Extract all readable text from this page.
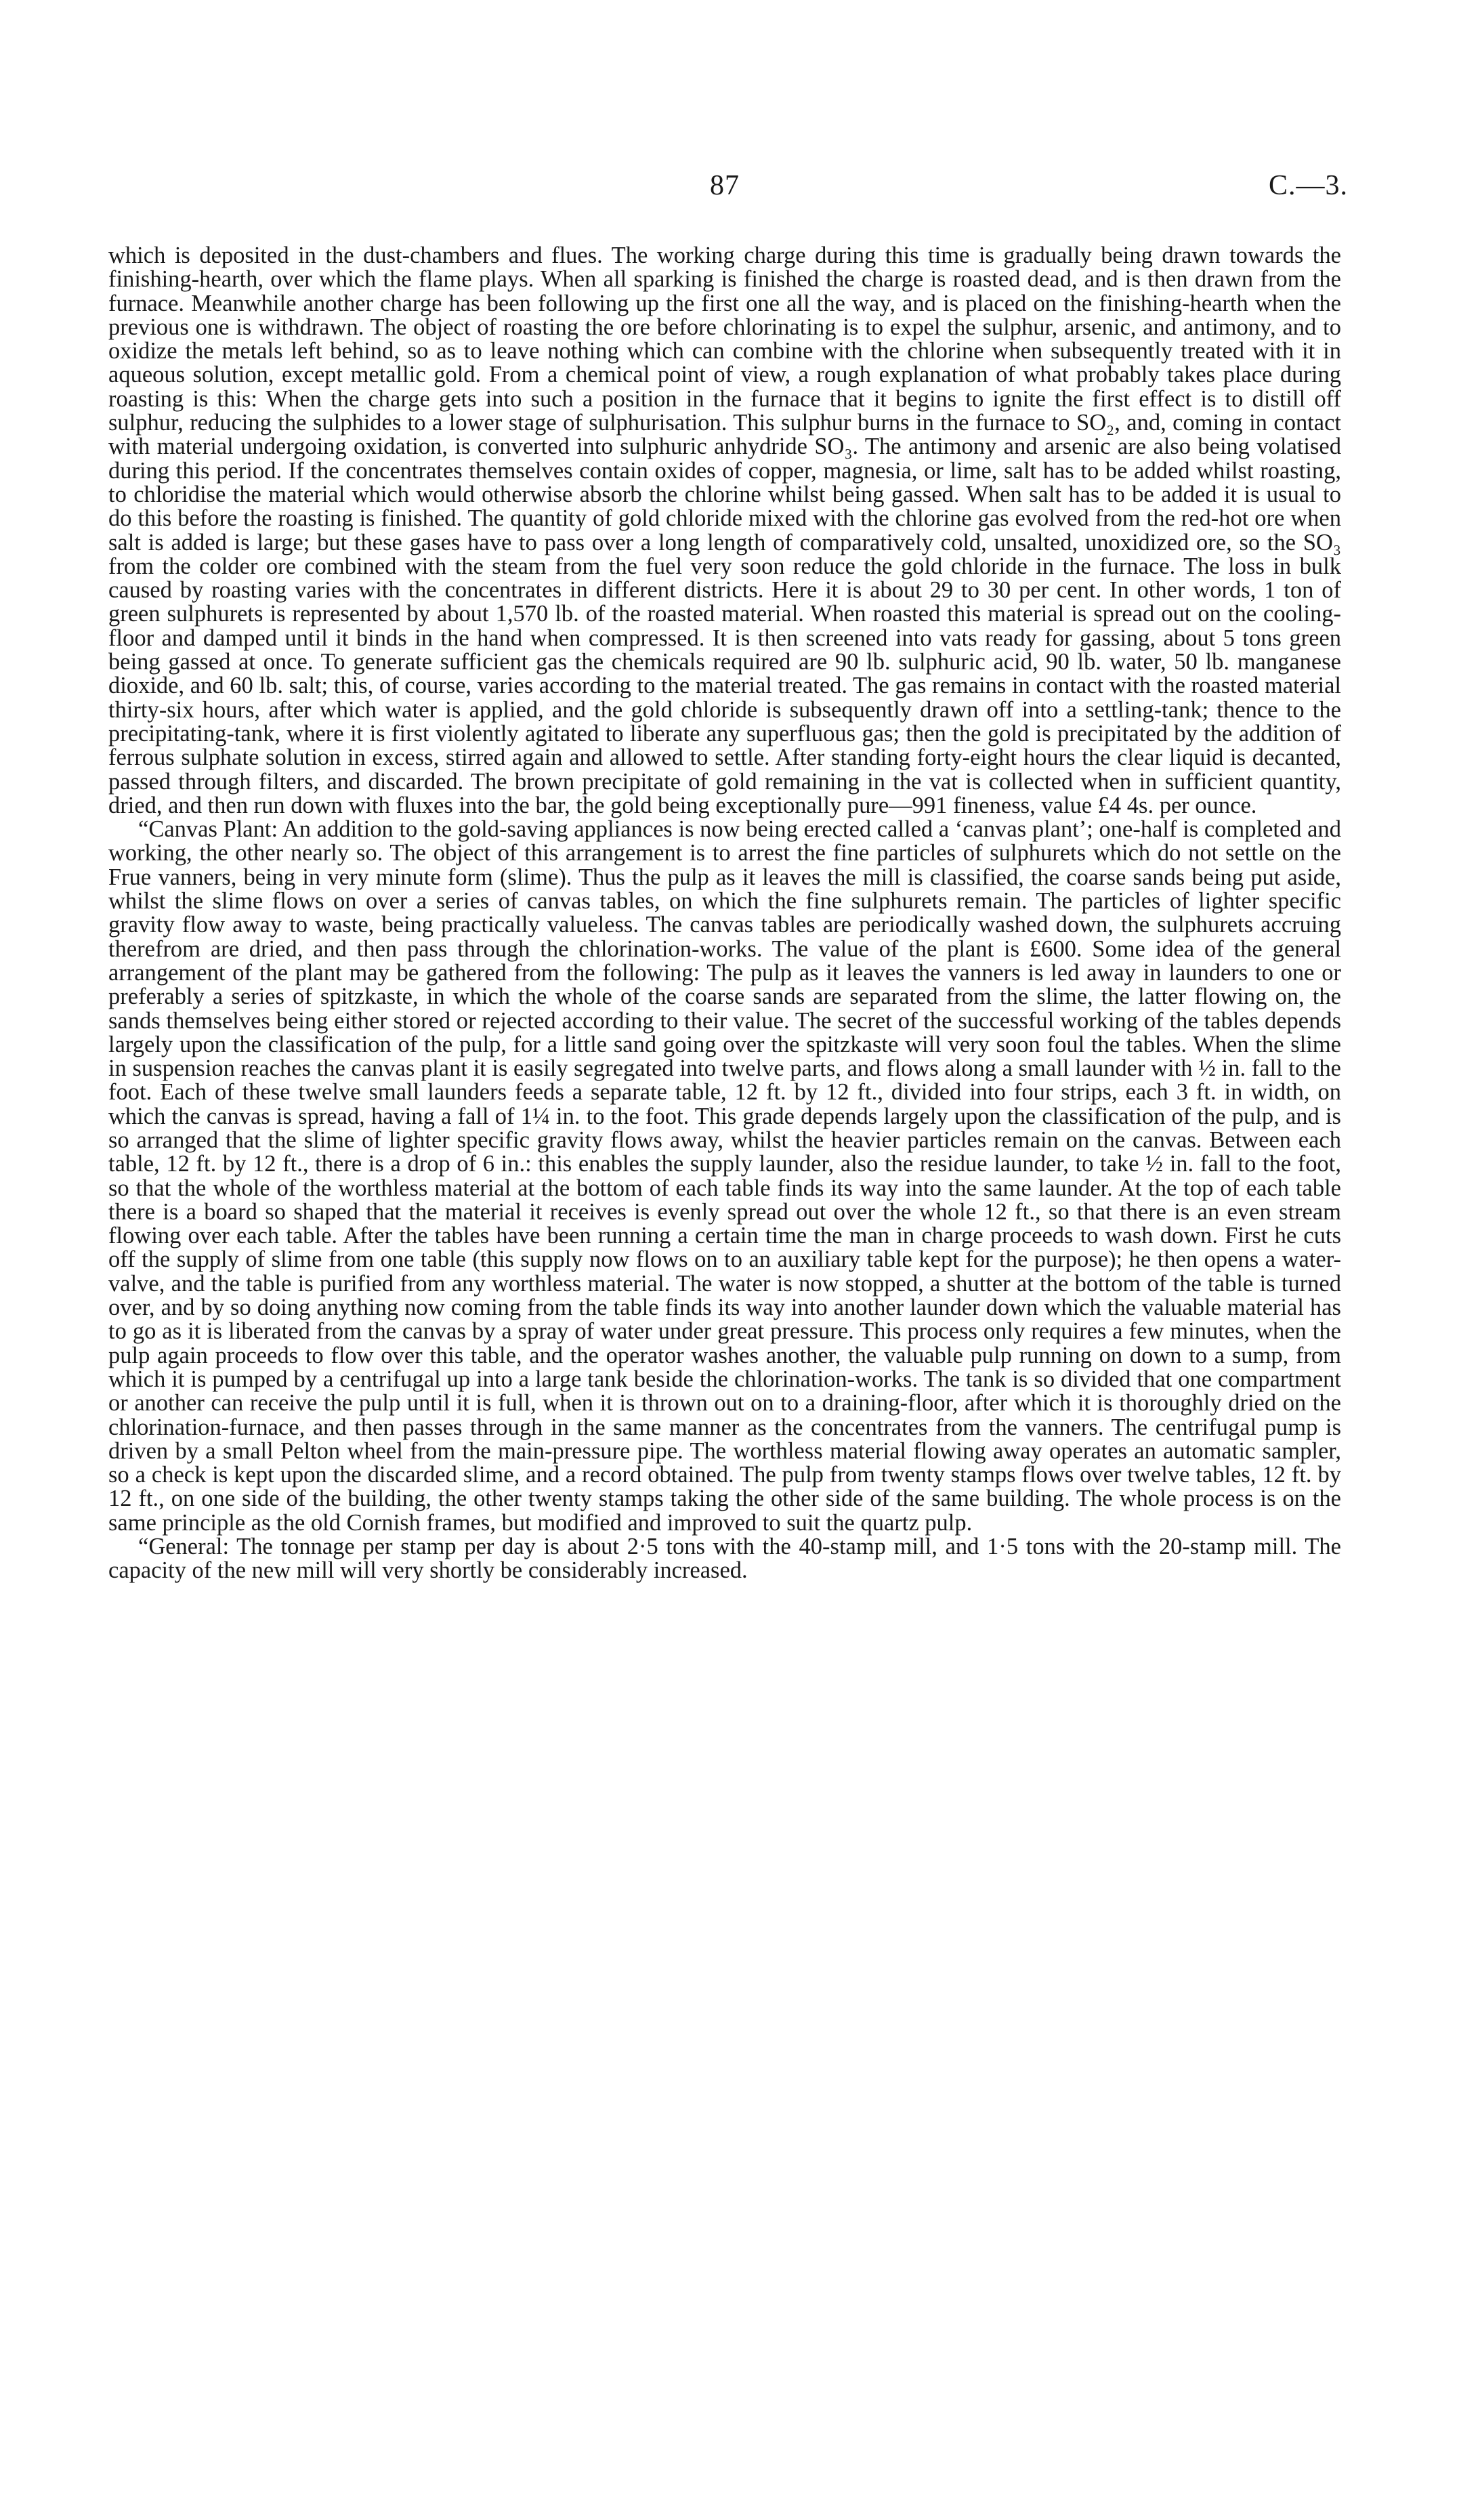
87	C.—3.

which is deposited in the dust-chambers and flues. The working charge during this time is gradually being drawn towards the finishing-hearth, over which the flame plays. When all sparking is finished the charge is roasted dead, and is then drawn from the furnace. Meanwhile another charge has been following up the first one all the way, and is placed on the finishing-hearth when the previous one is withdrawn. The object of roasting the ore before chlorinating is to expel the sulphur, arsenic, and antimony, and to oxidize the metals left behind, so as to leave nothing which can combine with the chlorine when subsequently treated with it in aqueous solution, except metallic gold. From a chemical point of view, a rough explanation of what probably takes place during roasting is this: When the charge gets into such a position in the furnace that it begins to ignite the first effect is to distill off sulphur, reducing the sulphides to a lower stage of sulphurisation. This sulphur burns in the furnace to SO₂, and, coming in contact with material undergoing oxidation, is converted into sulphuric anhydride SO₃. The antimony and arsenic are also being volatised during this period. If the concentrates themselves contain oxides of copper, magnesia, or lime, salt has to be added whilst roasting, to chloridise the material which would otherwise absorb the chlorine whilst being gassed. When salt has to be added it is usual to do this before the roasting is finished. The quantity of gold chloride mixed with the chlorine gas evolved from the red-hot ore when salt is added is large; but these gases have to pass over a long length of comparatively cold, unsalted, unoxidized ore, so the SO₃ from the colder ore combined with the steam from the fuel very soon reduce the gold chloride in the furnace. The loss in bulk caused by roasting varies with the concentrates in different districts. Here it is about 29 to 30 per cent. In other words, 1 ton of green sulphurets is represented by about 1,570 lb. of the roasted material. When roasted this material is spread out on the cooling-floor and damped until it binds in the hand when compressed. It is then screened into vats ready for gassing, about 5 tons green being gassed at once. To generate sufficient gas the chemicals required are 90 lb. sulphuric acid, 90 lb. water, 50 lb. manganese dioxide, and 60 lb. salt; this, of course, varies according to the material treated. The gas remains in contact with the roasted material thirty-six hours, after which water is applied, and the gold chloride is subsequently drawn off into a settling-tank; thence to the precipitating-tank, where it is first violently agitated to liberate any superfluous gas; then the gold is precipitated by the addition of ferrous sulphate solution in excess, stirred again and allowed to settle. After standing forty-eight hours the clear liquid is decanted, passed through filters, and discarded. The brown precipitate of gold remaining in the vat is collected when in sufficient quantity, dried, and then run down with fluxes into the bar, the gold being exceptionally pure—991 fineness, value £4 4s. per ounce.

“Canvas Plant: An addition to the gold-saving appliances is now being erected called a ‘canvas plant’; one-half is completed and working, the other nearly so. The object of this arrangement is to arrest the fine particles of sulphurets which do not settle on the Frue vanners, being in very minute form (slime). Thus the pulp as it leaves the mill is classified, the coarse sands being put aside, whilst the slime flows on over a series of canvas tables, on which the fine sulphurets remain. The particles of lighter specific gravity flow away to waste, being practically valueless. The canvas tables are periodically washed down, the sulphurets accruing therefrom are dried, and then pass through the chlorination-works. The value of the plant is £600. Some idea of the general arrangement of the plant may be gathered from the following: The pulp as it leaves the vanners is led away in launders to one or preferably a series of spitzkaste, in which the whole of the coarse sands are separated from the slime, the latter flowing on, the sands themselves being either stored or rejected according to their value. The secret of the successful working of the tables depends largely upon the classification of the pulp, for a little sand going over the spitzkaste will very soon foul the tables. When the slime in suspension reaches the canvas plant it is easily segregated into twelve parts, and flows along a small launder with ½ in. fall to the foot. Each of these twelve small launders feeds a separate table, 12 ft. by 12 ft., divided into four strips, each 3 ft. in width, on which the canvas is spread, having a fall of 1¼ in. to the foot. This grade depends largely upon the classification of the pulp, and is so arranged that the slime of lighter specific gravity flows away, whilst the heavier particles remain on the canvas. Between each table, 12 ft. by 12 ft., there is a drop of 6 in.: this enables the supply launder, also the residue launder, to take ½ in. fall to the foot, so that the whole of the worthless material at the bottom of each table finds its way into the same launder. At the top of each table there is a board so shaped that the material it receives is evenly spread out over the whole 12 ft., so that there is an even stream flowing over each table. After the tables have been running a certain time the man in charge proceeds to wash down. First he cuts off the supply of slime from one table (this supply now flows on to an auxiliary table kept for the purpose); he then opens a water-valve, and the table is purified from any worthless material. The water is now stopped, a shutter at the bottom of the table is turned over, and by so doing anything now coming from the table finds its way into another launder down which the valuable material has to go as it is liberated from the canvas by a spray of water under great pressure. This process only requires a few minutes, when the pulp again proceeds to flow over this table, and the operator washes another, the valuable pulp running on down to a sump, from which it is pumped by a centrifugal up into a large tank beside the chlorination-works. The tank is so divided that one compartment or another can receive the pulp until it is full, when it is thrown out on to a draining-floor, after which it is thoroughly dried on the chlorination-furnace, and then passes through in the same manner as the concentrates from the vanners. The centrifugal pump is driven by a small Pelton wheel from the main-pressure pipe. The worthless material flowing away operates an automatic sampler, so a check is kept upon the discarded slime, and a record obtained. The pulp from twenty stamps flows over twelve tables, 12 ft. by 12 ft., on one side of the building, the other twenty stamps taking the other side of the same building. The whole process is on the same principle as the old Cornish frames, but modified and improved to suit the quartz pulp.

“General: The tonnage per stamp per day is about 2·5 tons with the 40-stamp mill, and 1·5 tons with the 20-stamp mill. The capacity of the new mill will very shortly be considerably increased.
